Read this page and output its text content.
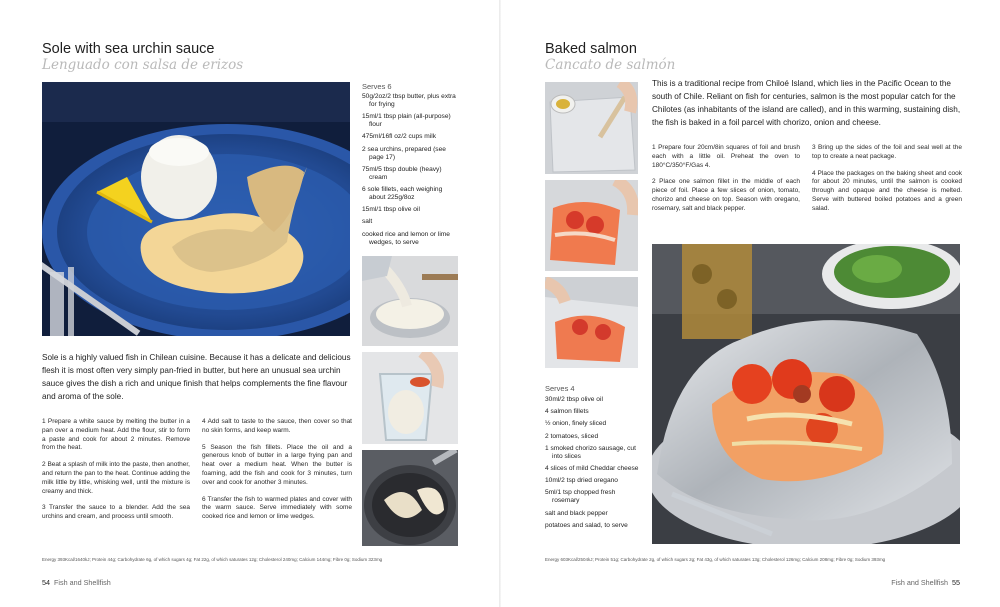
Sole with sea urchin sauce
Lenguado con salsa de erizos
Serves 6

50g/2oz/2 tbsp butter, plus extra for frying

15ml/1 tbsp plain (all-purpose) flour

475ml/16fl oz/2 cups milk

2 sea urchins, prepared (see page 17)

75ml/5 tbsp double (heavy) cream

6 sole fillets, each weighing about 225g/8oz

15ml/1 tbsp olive oil

salt

cooked rice and lemon or lime wedges, to serve

Sole is a highly valued fish in Chilean cuisine. Because it has a delicate and delicious flesh it is most often very simply pan-fried in butter, but here an unusual sea urchin sauce gives the dish a rich and unique finish that helps complements the fine flavour and aroma of the sole.

1 Prepare a white sauce by melting the butter in a pan over a medium heat. Add the flour, stir to form a paste and cook for about 2 minutes. Remove from the heat.

2 Beat a splash of milk into the paste, then another, and return the pan to the heat. Continue adding the milk little by little, whisking well, until the mixture is creamy and thick.

3 Transfer the sauce to a blender. Add the sea urchins and cream, and process until smooth.

4 Add salt to taste to the sauce, then cover so that no skin forms, and keep warm.

5 Season the fish fillets. Place the oil and a generous knob of butter in a large frying pan and heat over a medium heat. When the butter is foaming, add the fish and cook for 3 minutes, turn over and cook for another 3 minutes.

6 Transfer the fish to warmed plates and cover with the warm sauce. Serve immediately with some cooked rice and lemon or lime wedges.

Energy 393Kcal/1640kJ; Protein 44g; Carbohydrate 6g, of which sugars 4g; Fat 22g, of which saturates 12g; Cholesterol 240mg; Calcium 144mg; Fibre 0g; Sodium 323mg
54 Fish and Shellfish
Baked salmon
Cancato de salmón
This is a traditional recipe from Chiloé Island, which lies in the Pacific Ocean to the south of Chile. Reliant on fish for centuries, salmon is the most popular catch for the Chilotes (as inhabitants of the island are called), and in this warming, sustaining dish, the fish is baked in a foil parcel with chorizo, onion and cheese.

1 Prepare four 20cm/8in squares of foil and brush each with a little oil. Preheat the oven to 180°C/350°F/Gas 4.

2 Place one salmon fillet in the middle of each piece of foil. Place a few slices of onion, tomato, chorizo and cheese on top. Season with oregano, rosemary, salt and black pepper.

3 Bring up the sides of the foil and seal well at the top to create a neat package.

4 Place the packages on the baking sheet and cook for about 20 minutes, until the salmon is cooked through and opaque and the cheese is melted. Serve with buttered boiled potatoes and a green salad.

Serves 4

30ml/2 tbsp olive oil

4 salmon fillets

½ onion, finely sliced

2 tomatoes, sliced

1 smoked chorizo sausage, cut into slices

4 slices of mild Cheddar cheese

10ml/2 tsp dried oregano

5ml/1 tsp chopped fresh rosemary

salt and black pepper

potatoes and salad, to serve

Energy 603Kcal/2504kJ; Protein 51g; Carbohydrate 2g, of which sugars 2g; Fat 43g, of which saturates 13g; Cholesterol 126mg; Calcium 208mg; Fibre 0g; Sodium 393mg
Fish and Shellfish 55
